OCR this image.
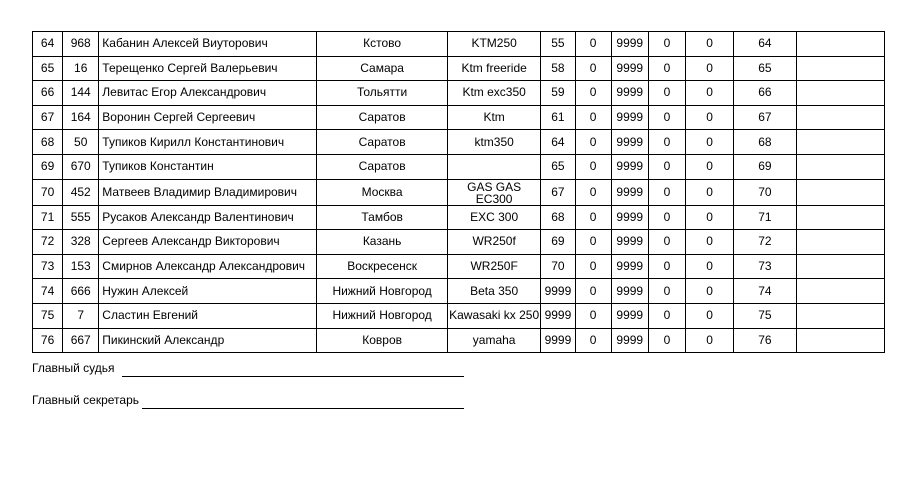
64	968	Кабанин Алексей Виуторович	Кстово	KTM250	55	0	9999	0	0	64	
65	16	Терещенко Сергей Валерьевич	Самара	Ktm freeride	58	0	9999	0	0	65	
66	144	Левитас Егор Александрович	Тольятти	Ktm exc350	59	0	9999	0	0	66	
67	164	Воронин Сергей Сергеевич	Саратов	Ktm	61	0	9999	0	0	67	
68	50	Тупиков Кирилл Константинович	Саратов	ktm350	64	0	9999	0	0	68	
69	670	Тупиков Константин	Саратов		65	0	9999	0	0	69	
70	452	Матвеев Владимир Владимирович	Москва	GAS GAS EC300	67	0	9999	0	0	70	
71	555	Русаков Александр Валентинович	Тамбов	EXC 300	68	0	9999	0	0	71	
72	328	Сергеев Александр Викторович	Казань	WR250f	69	0	9999	0	0	72	
73	153	Смирнов Александр Александрович	Воскресенск	WR250F	70	0	9999	0	0	73	
74	666	Нужин Алексей	Нижний Новгород	Beta 350	9999	0	9999	0	0	74	
75	7	Сластин Евгений	Нижний Новгород	Kawasaki kx 250	9999	0	9999	0	0	75	
76	667	Пикинский Александр	Ковров	yamaha	9999	0	9999	0	0	76	
Главный судья
Главный секретарь
